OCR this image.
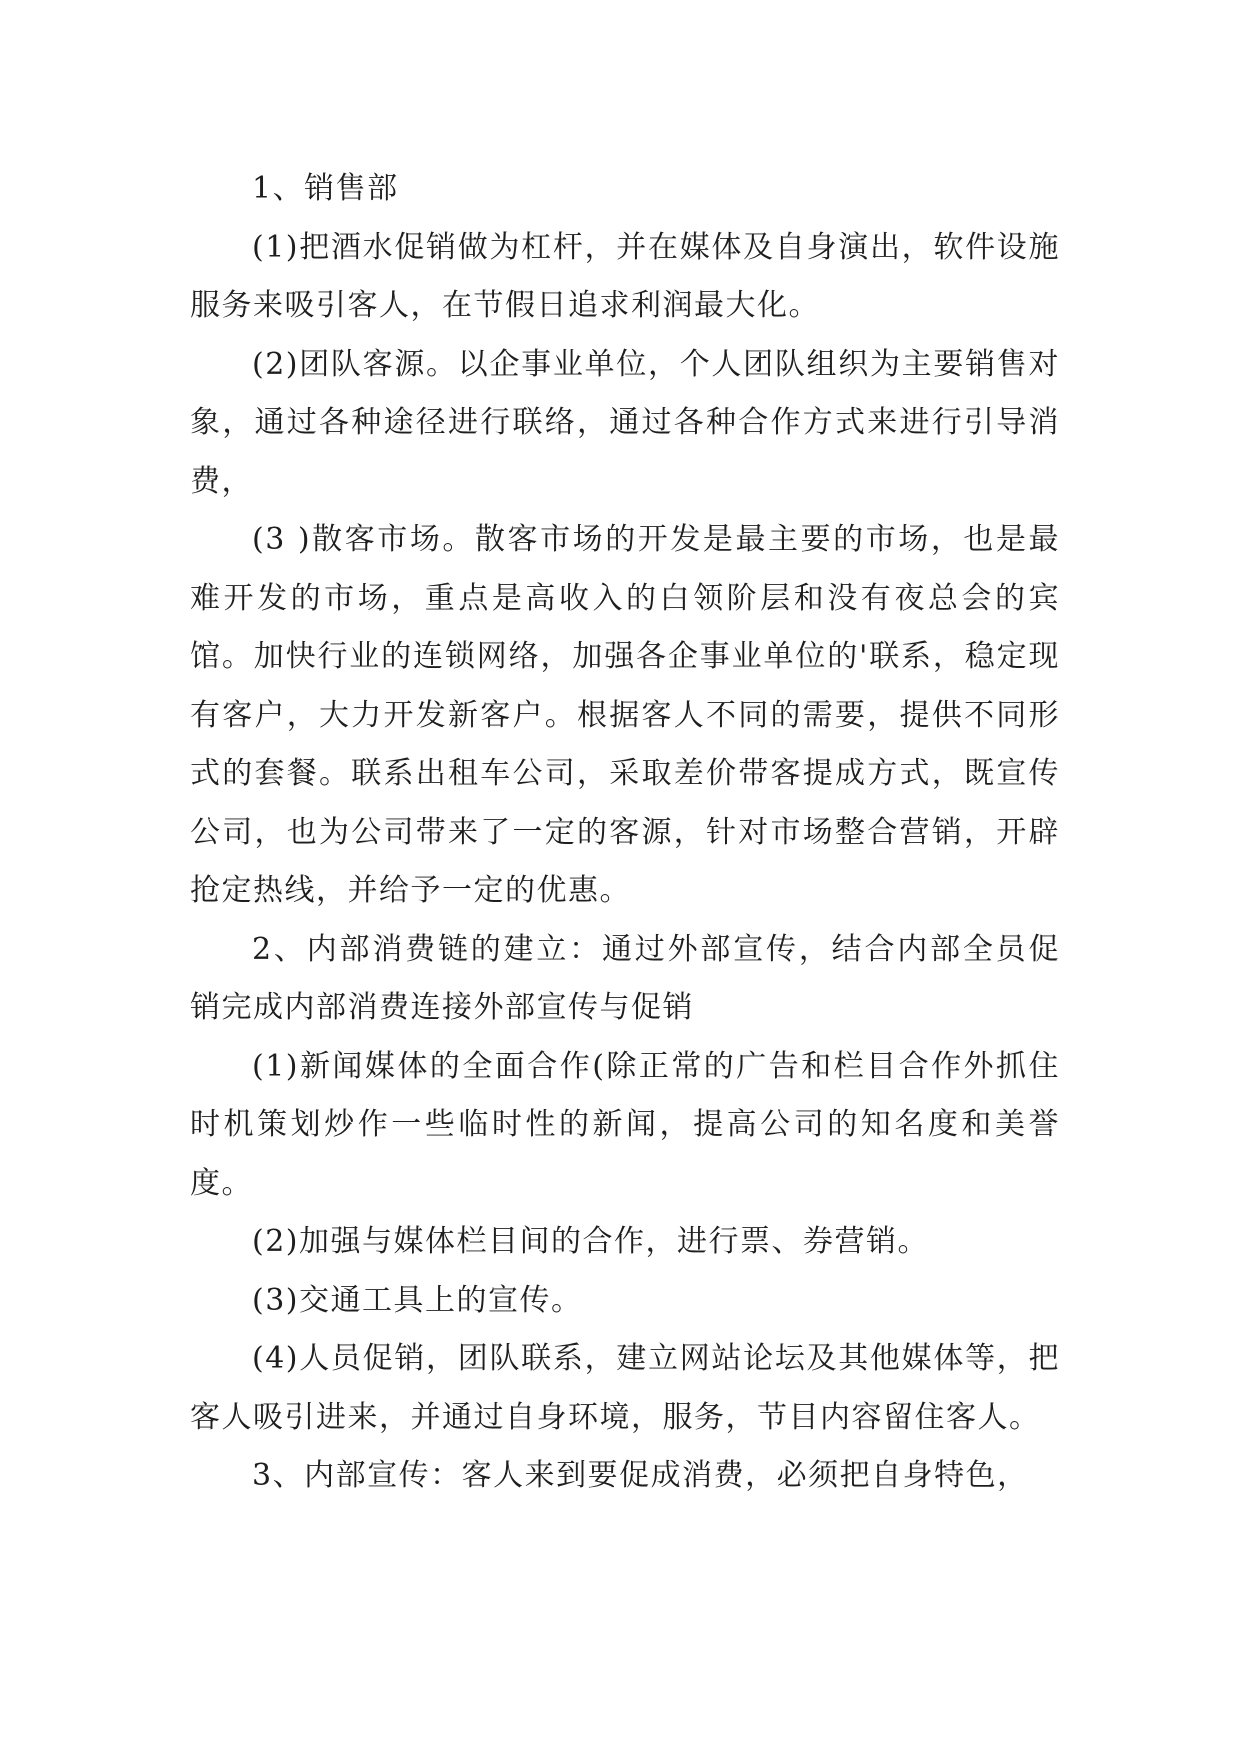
1、销售部

(1)把酒水促销做为杠杆，并在媒体及自身演出，软件设施服务来吸引客人，在节假日追求利润最大化。

(2)团队客源。以企事业单位，个人团队组织为主要销售对象，通过各种途径进行联络，通过各种合作方式来进行引导消费，

(3 )散客市场。散客市场的开发是最主要的市场，也是最难开发的市场，重点是高收入的白领阶层和没有夜总会的宾馆。加快行业的连锁网络，加强各企事业单位的'联系，稳定现有客户，大力开发新客户。根据客人不同的需要，提供不同形式的套餐。联系出租车公司，采取差价带客提成方式，既宣传公司，也为公司带来了一定的客源，针对市场整合营销，开辟抢定热线，并给予一定的优惠。

2、内部消费链的建立：通过外部宣传，结合内部全员促销完成内部消费连接外部宣传与促销

(1)新闻媒体的全面合作(除正常的广告和栏目合作外抓住时机策划炒作一些临时性的新闻，提高公司的知名度和美誉度。

(2)加强与媒体栏目间的合作，进行票、券营销。

(3)交通工具上的宣传。

(4)人员促销，团队联系，建立网站论坛及其他媒体等，把客人吸引进来，并通过自身环境，服务，节目内容留住客人。

3、内部宣传：客人来到要促成消费，必须把自身特色，
